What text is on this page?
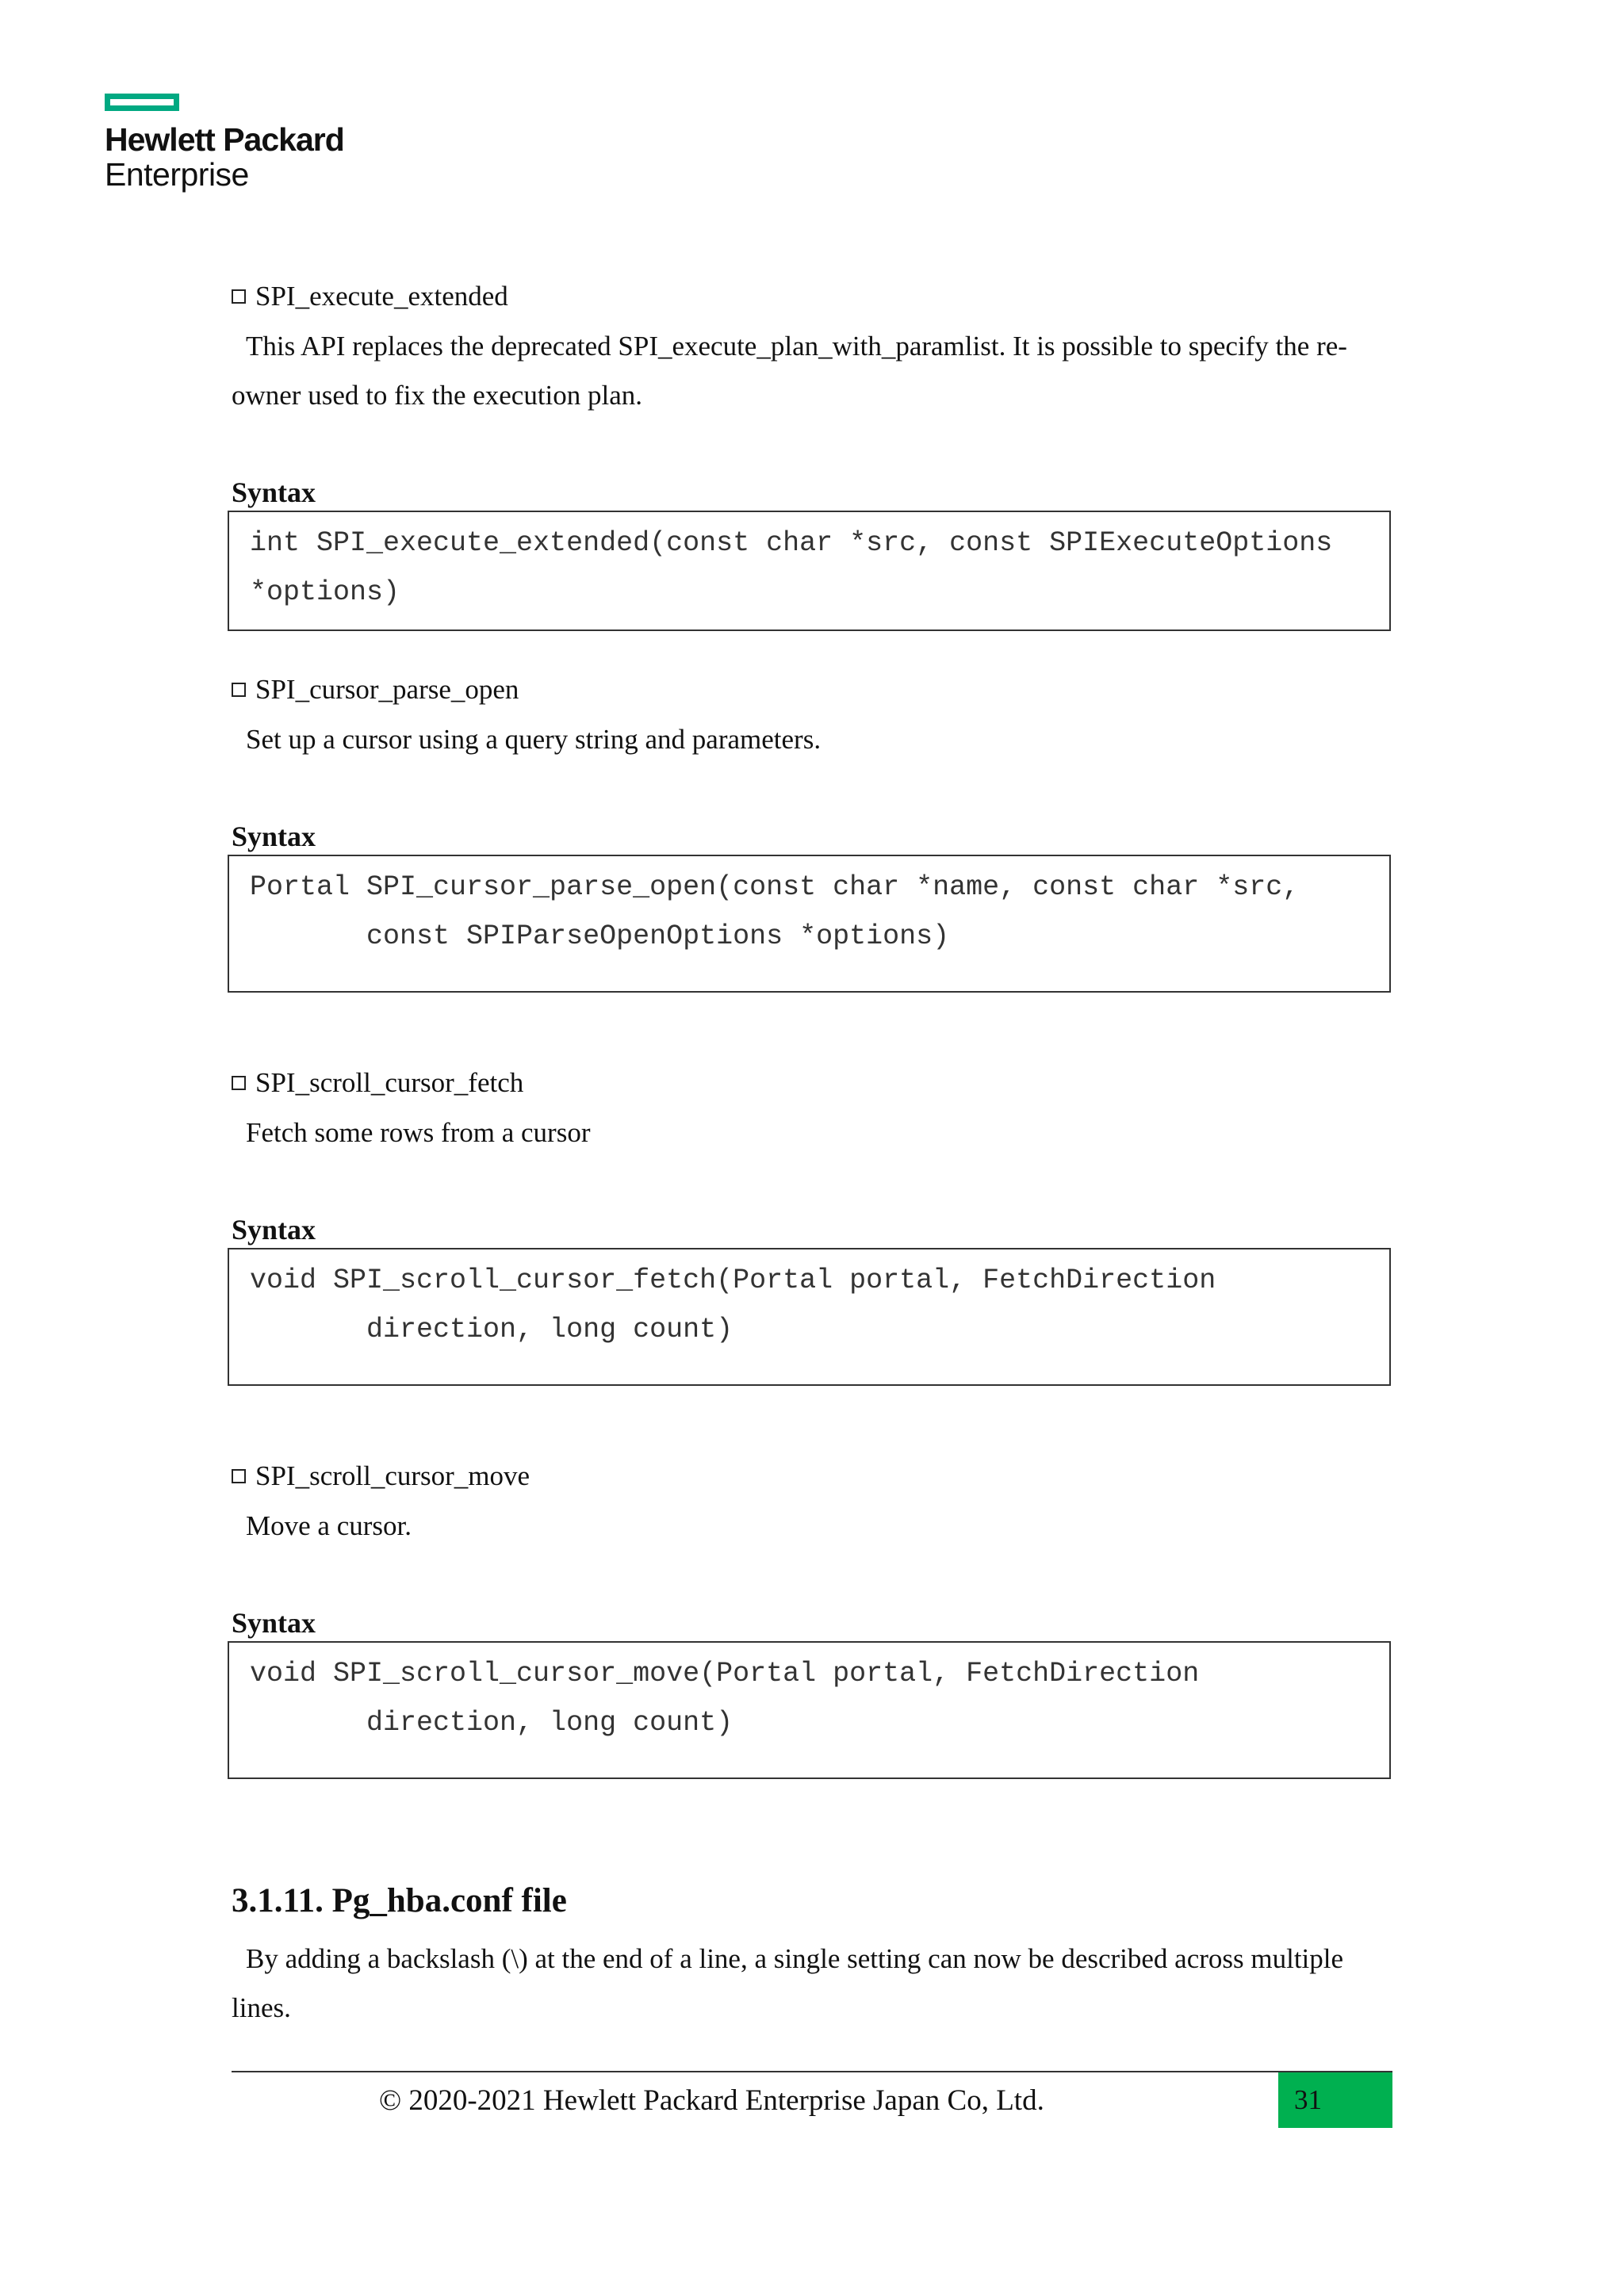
Hewlett Packard
Enterprise
SPI_execute_extended
This API replaces the deprecated SPI_execute_plan_with_paramlist. It is possible to specify the re-owner used to fix the execution plan.
Syntax
int SPI_execute_extended(const char *src, const SPIExecuteOptions
*options)
SPI_cursor_parse_open
Set up a cursor using a query string and parameters.
Syntax
Portal SPI_cursor_parse_open(const char *name, const char *src,
const SPIParseOpenOptions *options)
SPI_scroll_cursor_fetch
Fetch some rows from a cursor
Syntax
void SPI_scroll_cursor_fetch(Portal portal, FetchDirection
direction, long count)
SPI_scroll_cursor_move
Move a cursor.
Syntax
void SPI_scroll_cursor_move(Portal portal, FetchDirection
direction, long count)
3.1.11. Pg_hba.conf file
By adding a backslash (\) at the end of a line, a single setting can now be described across multiple lines.
© 2020-2021 Hewlett Packard Enterprise Japan Co, Ltd.	31
